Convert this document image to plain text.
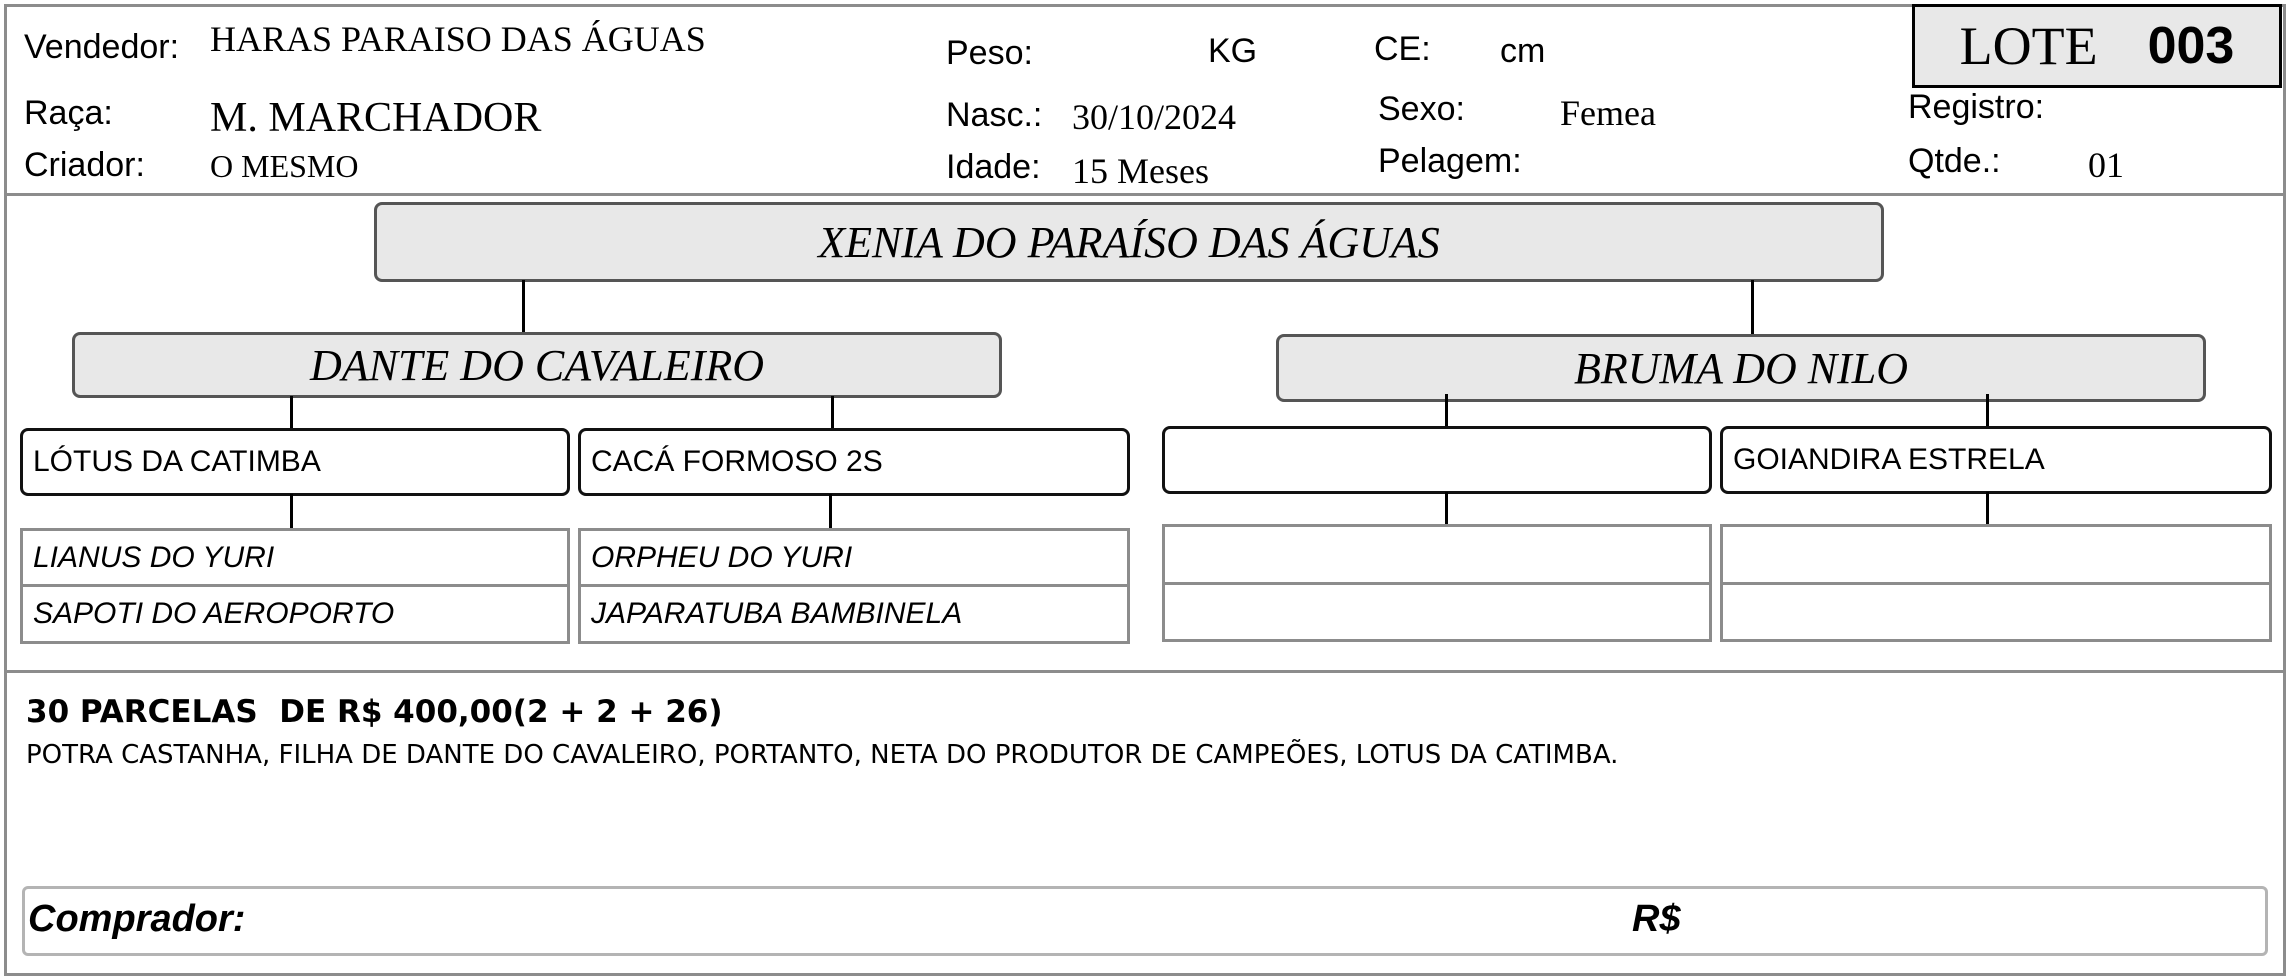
Vendedor: HARAS PARAISO DAS ÁGUAS
Raça: M. MARCHADOR
Criador: O MESMO
Peso:	KG
Nasc.: 30/10/2024
Idade: 15 Meses
CE: cm
Sexo:	Femea
Pelagem:
LOTE 003
Registro:
Qtde.: 01
XENIA DO PARAÍSO DAS ÁGUAS
DANTE DO CAVALEIRO	BRUMA DO NILO
LÓTUS DA CATIMBA	CACÁ FORMOSO 2S	GOIANDIRA ESTRELA
LIANUS DO YURI
SAPOTI DO AEROPORTO
ORPHEU DO YURI
JAPARATUBA BAMBINELA
30 PARCELAS  DE R$ 400,00(2 + 2 + 26)
POTRA CASTANHA, FILHA DE DANTE DO CAVALEIRO, PORTANTO, NETA DO PRODUTOR DE CAMPEÕES, LOTUS DA CATIMBA.
Comprador:	R$
